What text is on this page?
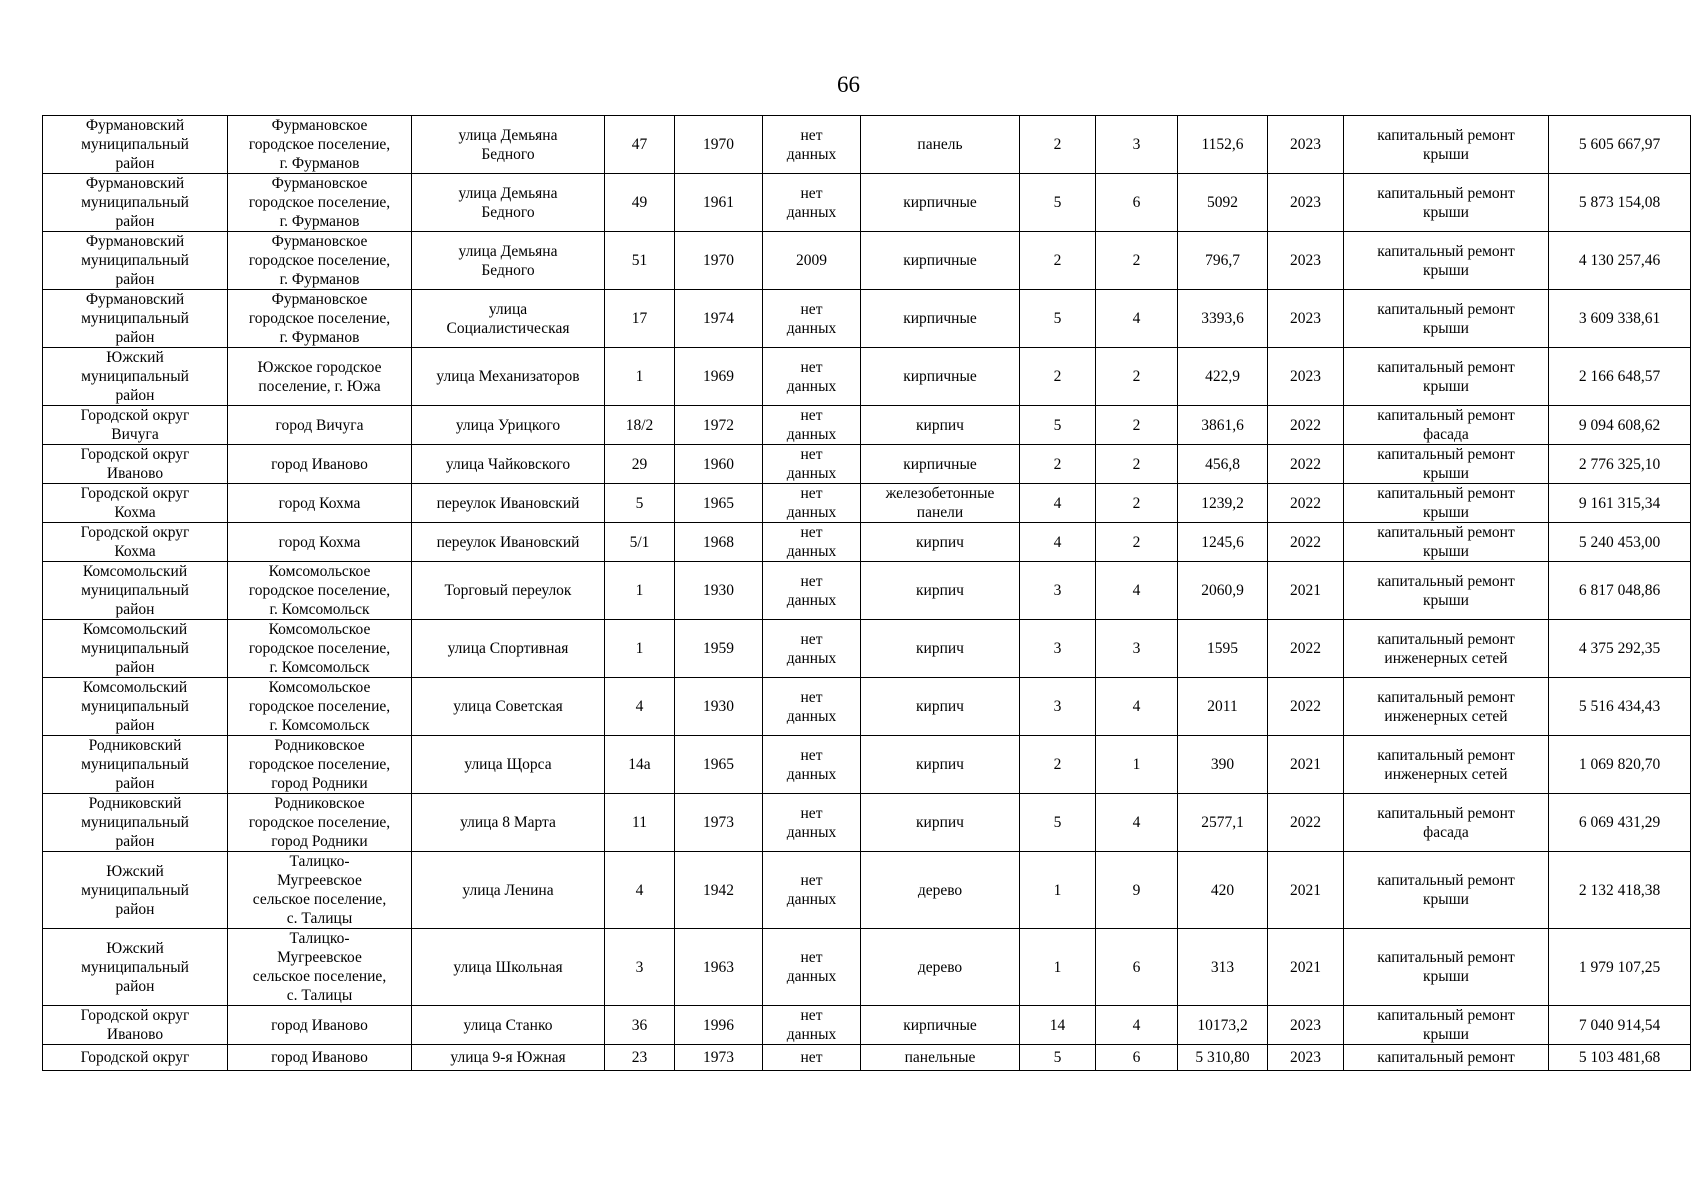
66
Фурмановский
муниципальный
район	Фурмановское
городское поселение,
г. Фурманов	улица Демьяна
Бедного	47	1970	нет
данных	панель	2	3	1152,6	2023	капитальный ремонт
крыши	5 605 667,97
Фурмановский
муниципальный
район	Фурмановское
городское поселение,
г. Фурманов	улица Демьяна
Бедного	49	1961	нет
данных	кирпичные	5	6	5092	2023	капитальный ремонт
крыши	5 873 154,08
Фурмановский
муниципальный
район	Фурмановское
городское поселение,
г. Фурманов	улица Демьяна
Бедного	51	1970	2009	кирпичные	2	2	796,7	2023	капитальный ремонт
крыши	4 130 257,46
Фурмановский
муниципальный
район	Фурмановское
городское поселение,
г. Фурманов	улица
Социалистическая	17	1974	нет
данных	кирпичные	5	4	3393,6	2023	капитальный ремонт
крыши	3 609 338,61
Южский
муниципальный
район	Южское городское
поселение, г. Южа	улица Механизаторов	1	1969	нет
данных	кирпичные	2	2	422,9	2023	капитальный ремонт
крыши	2 166 648,57
Городской округ
Вичуга	город Вичуга	улица Урицкого	18/2	1972	нет
данных	кирпич	5	2	3861,6	2022	капитальный ремонт
фасада	9 094 608,62
Городской округ
Иваново	город Иваново	улица Чайковского	29	1960	нет
данных	кирпичные	2	2	456,8	2022	капитальный ремонт
крыши	2 776 325,10
Городской округ
Кохма	город Кохма	переулок Ивановский	5	1965	нет
данных	железобетонные
панели	4	2	1239,2	2022	капитальный ремонт
крыши	9 161 315,34
Городской округ
Кохма	город Кохма	переулок Ивановский	5/1	1968	нет
данных	кирпич	4	2	1245,6	2022	капитальный ремонт
крыши	5 240 453,00
Комсомольский
муниципальный
район	Комсомольское
городское поселение,
г. Комсомольск	Торговый переулок	1	1930	нет
данных	кирпич	3	4	2060,9	2021	капитальный ремонт
крыши	6 817 048,86
Комсомольский
муниципальный
район	Комсомольское
городское поселение,
г. Комсомольск	улица Спортивная	1	1959	нет
данных	кирпич	3	3	1595	2022	капитальный ремонт
инженерных сетей	4 375 292,35
Комсомольский
муниципальный
район	Комсомольское
городское поселение,
г. Комсомольск	улица Советская	4	1930	нет
данных	кирпич	3	4	2011	2022	капитальный ремонт
инженерных сетей	5 516 434,43
Родниковский
муниципальный
район	Родниковское
городское поселение,
город Родники	улица Щорса	14а	1965	нет
данных	кирпич	2	1	390	2021	капитальный ремонт
инженерных сетей	1 069 820,70
Родниковский
муниципальный
район	Родниковское
городское поселение,
город Родники	улица 8 Марта	11	1973	нет
данных	кирпич	5	4	2577,1	2022	капитальный ремонт
фасада	6 069 431,29
Южский
муниципальный
район	Талицко-
Мугреевское
сельское поселение,
с. Талицы	улица Ленина	4	1942	нет
данных	дерево	1	9	420	2021	капитальный ремонт
крыши	2 132 418,38
Южский
муниципальный
район	Талицко-
Мугреевское
сельское поселение,
с. Талицы	улица Школьная	3	1963	нет
данных	дерево	1	6	313	2021	капитальный ремонт
крыши	1 979 107,25
Городской округ
Иваново	город Иваново	улица Станко	36	1996	нет
данных	кирпичные	14	4	10173,2	2023	капитальный ремонт
крыши	7 040 914,54
Городской округ	город Иваново	улица 9-я Южная	23	1973	нет	панельные	5	6	5 310,80	2023	капитальный ремонт	5 103 481,68
